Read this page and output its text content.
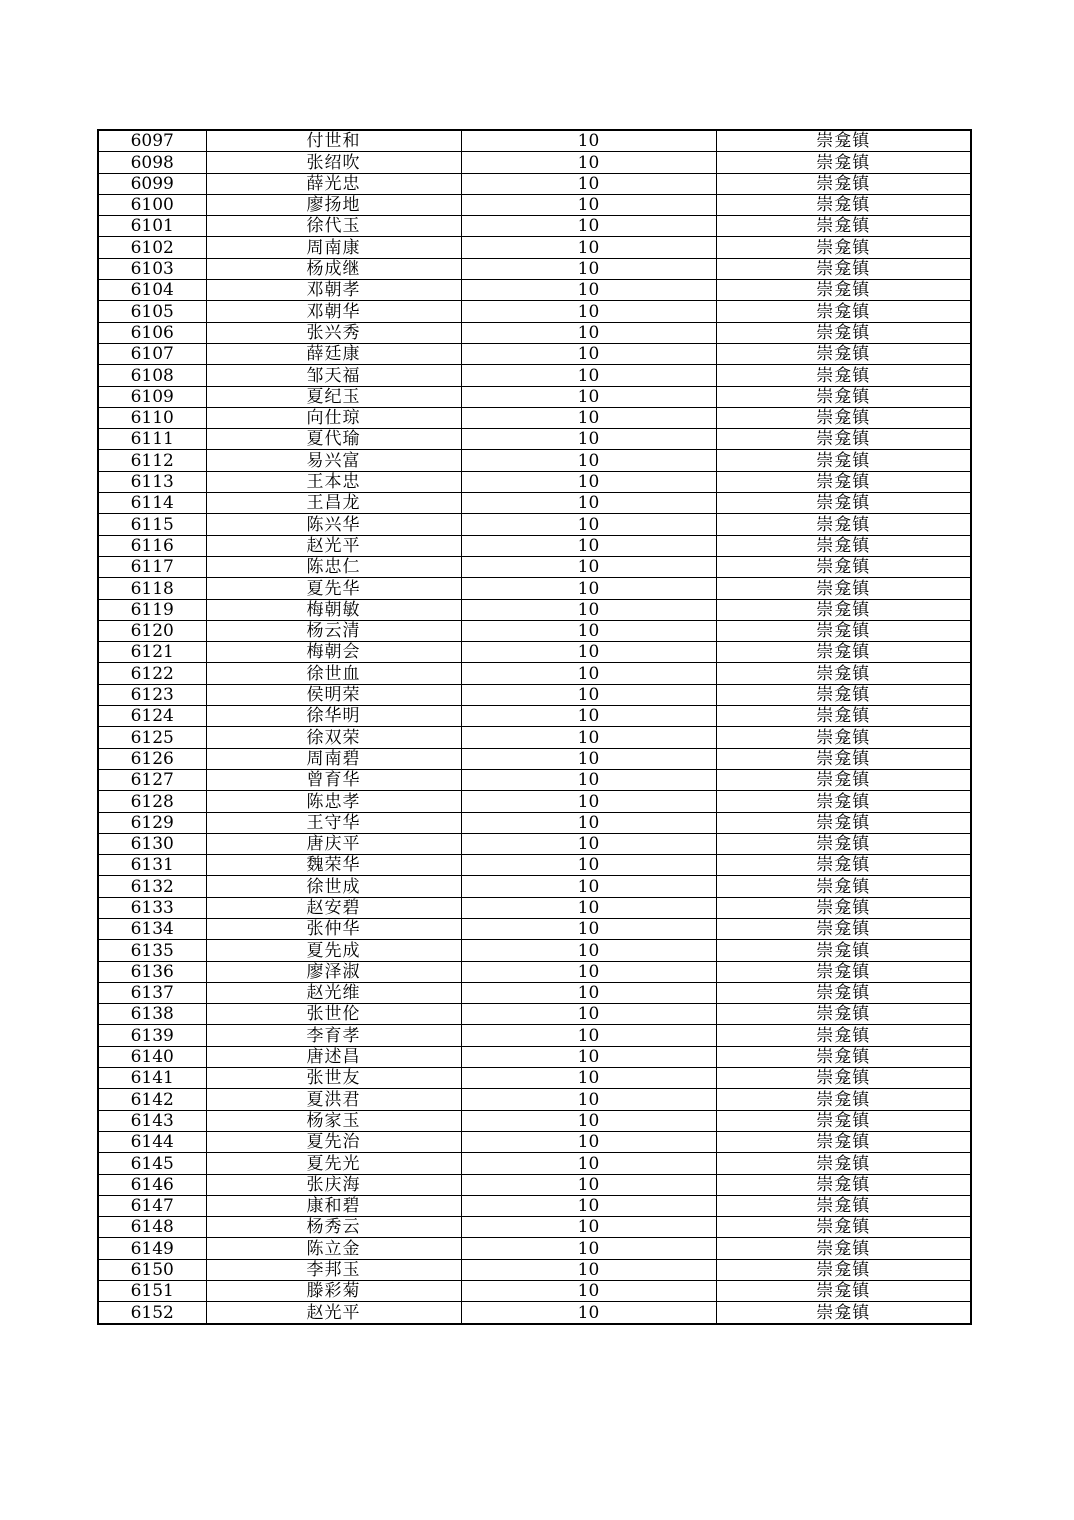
6097	付世和	10	崇龛镇
6098	张绍吹	10	崇龛镇
6099	薛光忠	10	崇龛镇
6100	廖扬地	10	崇龛镇
6101	徐代玉	10	崇龛镇
6102	周南康	10	崇龛镇
6103	杨成继	10	崇龛镇
6104	邓朝孝	10	崇龛镇
6105	邓朝华	10	崇龛镇
6106	张兴秀	10	崇龛镇
6107	薛廷康	10	崇龛镇
6108	邹天福	10	崇龛镇
6109	夏纪玉	10	崇龛镇
6110	向仕琼	10	崇龛镇
6111	夏代瑜	10	崇龛镇
6112	易兴富	10	崇龛镇
6113	王本忠	10	崇龛镇
6114	王昌龙	10	崇龛镇
6115	陈兴华	10	崇龛镇
6116	赵光平	10	崇龛镇
6117	陈忠仁	10	崇龛镇
6118	夏先华	10	崇龛镇
6119	梅朝敏	10	崇龛镇
6120	杨云清	10	崇龛镇
6121	梅朝会	10	崇龛镇
6122	徐世血	10	崇龛镇
6123	侯明荣	10	崇龛镇
6124	徐华明	10	崇龛镇
6125	徐双荣	10	崇龛镇
6126	周南碧	10	崇龛镇
6127	曾育华	10	崇龛镇
6128	陈忠孝	10	崇龛镇
6129	王守华	10	崇龛镇
6130	唐庆平	10	崇龛镇
6131	魏荣华	10	崇龛镇
6132	徐世成	10	崇龛镇
6133	赵安碧	10	崇龛镇
6134	张仲华	10	崇龛镇
6135	夏先成	10	崇龛镇
6136	廖泽淑	10	崇龛镇
6137	赵光维	10	崇龛镇
6138	张世伦	10	崇龛镇
6139	李育孝	10	崇龛镇
6140	唐述昌	10	崇龛镇
6141	张世友	10	崇龛镇
6142	夏洪君	10	崇龛镇
6143	杨家玉	10	崇龛镇
6144	夏先治	10	崇龛镇
6145	夏先光	10	崇龛镇
6146	张庆海	10	崇龛镇
6147	康和碧	10	崇龛镇
6148	杨秀云	10	崇龛镇
6149	陈立金	10	崇龛镇
6150	李邦玉	10	崇龛镇
6151	滕彩菊	10	崇龛镇
6152	赵光平	10	崇龛镇
